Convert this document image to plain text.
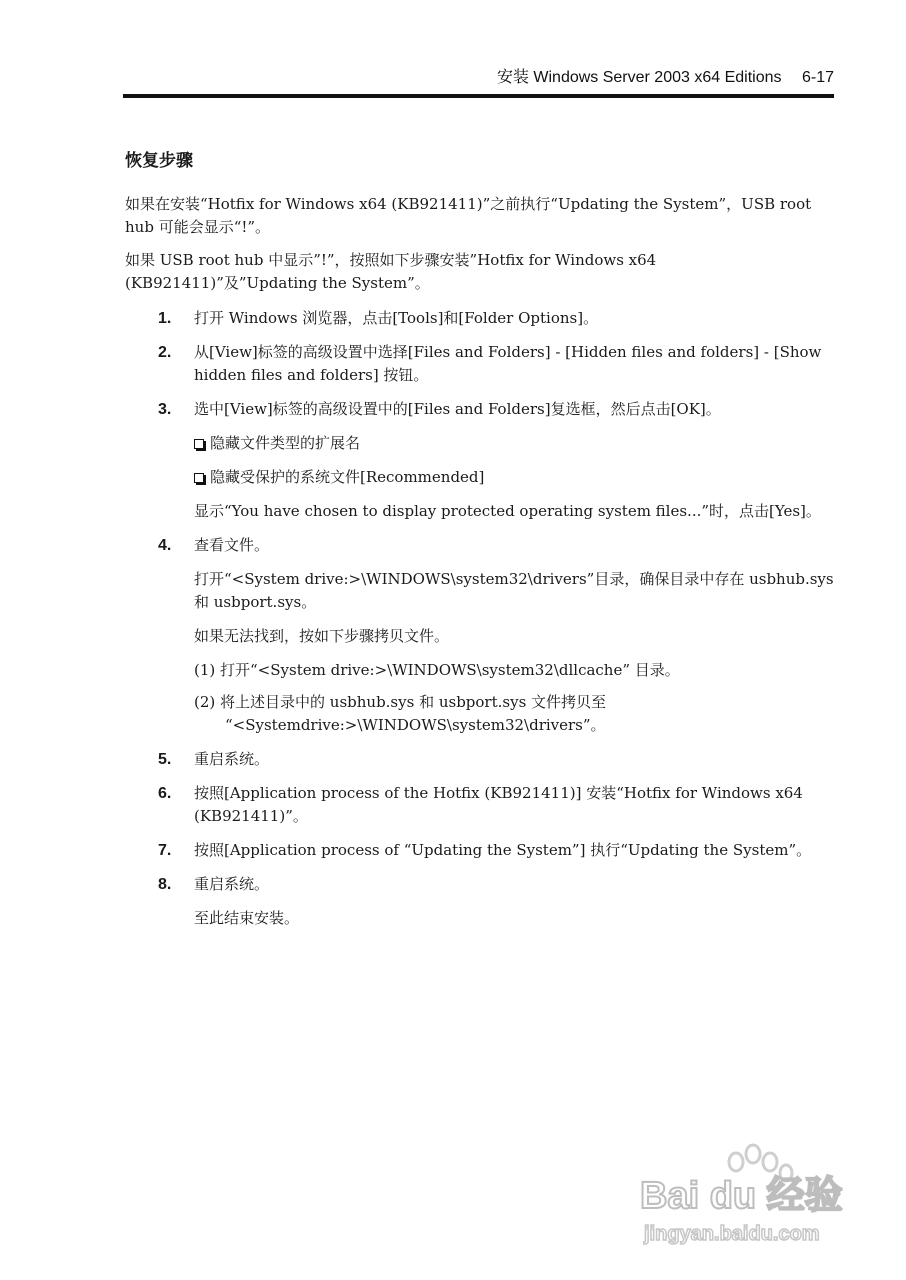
安装 Windows Server 2003 x64 Editions 6-17
恢复步骤
如果在安装“Hotfix for Windows x64 (KB921411)”之前执行“Updating the System”，USB root hub 可能会显示“!”。
如果 USB root hub 中显示”!”，按照如下步骤安装”Hotfix for Windows x64 (KB921411)”及”Updating the System”。
1. 打开 Windows 浏览器，点击[Tools]和[Folder Options]。
2. 从[View]标签的高级设置中选择[Files and Folders] - [Hidden files and folders] - [Show hidden files and folders] 按钮。
3. 选中[View]标签的高级设置中的[Files and Folders]复选框，然后点击[OK]。
隐藏文件类型的扩展名
隐藏受保护的系统文件[Recommended]
显示“You have chosen to display protected operating system files...”时，点击[Yes]。
4. 查看文件。
打开“<System drive:>\WINDOWS\system32\drivers”目录，确保目录中存在 usbhub.sys 和 usbport.sys。
如果无法找到，按如下步骤拷贝文件。
(1) 打开“<System drive:>\WINDOWS\system32\dllcache” 目录。
(2) 将上述目录中的 usbhub.sys 和 usbport.sys 文件拷贝至
“<Systemdrive:>\WINDOWS\system32\drivers”。
5. 重启系统。
6. 按照[Application process of the Hotfix (KB921411)] 安装“Hotfix for Windows x64 (KB921411)”。
7. 按照[Application process of “Updating the System”] 执行“Updating the System”。
8. 重启系统。
至此结束安装。
Bai du 经验
jingyan.baidu.com
